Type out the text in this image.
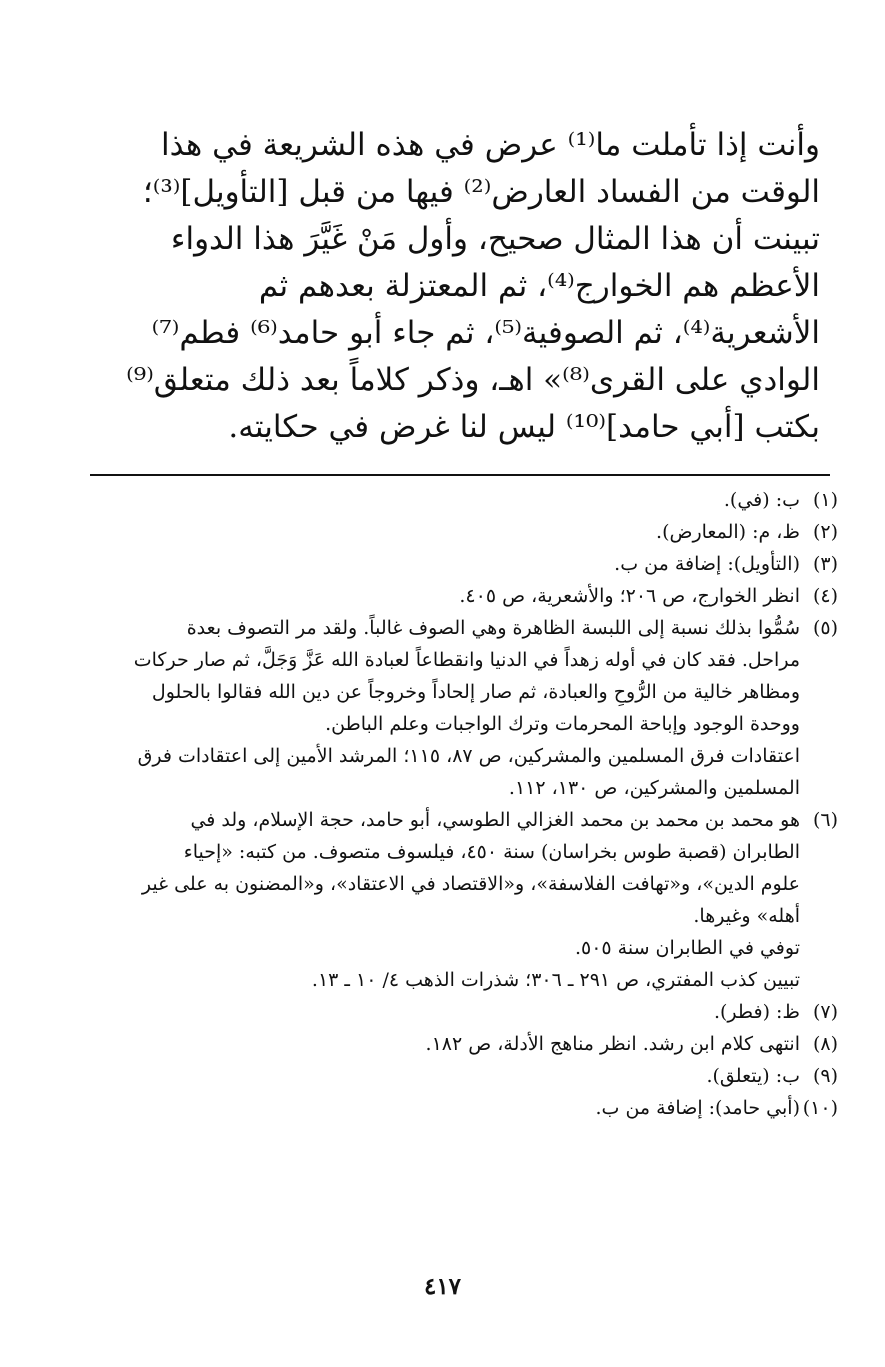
وأنت إذا تأملت ما⁽¹⁾ عرض في هذه الشريعة في هذا
الوقت من الفساد العارض⁽²⁾ فيها من قبل [التأويل]⁽³⁾؛
تبينت أن هذا المثال صحيح، وأول مَنْ غَيَّرَ هذا الدواء
الأعظم هم الخوارج⁽⁴⁾، ثم المعتزلة بعدهم ثم
الأشعرية⁽⁴⁾، ثم الصوفية⁽⁵⁾، ثم جاء أبو حامد⁽⁶⁾ فطم⁽⁷⁾
الوادي على القرى⁽⁸⁾» اهـ، وذكر كلاماً بعد ذلك متعلق⁽⁹⁾
بكتب [أبي حامد]⁽¹⁰⁾ ليس لنا غرض في حكايته.
(١)
ب: (في).
(٢)
ظ، م: (المعارض).
(٣)
(التأويل): إضافة من ب.
(٤)
انظر الخوارج، ص ٢٠٦؛ والأشعرية، ص ٤٠٥.
(٥)
سُمُّوا بذلك نسبة إلى اللبسة الظاهرة وهي الصوف غالباً. ولقد مر التصوف بعدة
مراحل. فقد كان في أوله زهداً في الدنيا وانقطاعاً لعبادة الله عَزَّ وَجَلَّ، ثم صار حركات
ومظاهر خالية من الرُّوحِ والعبادة، ثم صار إلحاداً وخروجاً عن دين الله فقالوا بالحلول
ووحدة الوجود وإباحة المحرمات وترك الواجبات وعلم الباطن.
اعتقادات فرق المسلمين والمشركين، ص ٨٧، ١١٥؛ المرشد الأمين إلى اعتقادات فرق
المسلمين والمشركين، ص ١٣٠، ١١٢.
(٦)
هو محمد بن محمد بن محمد الغزالي الطوسي، أبو حامد، حجة الإسلام، ولد في
الطابران (قصبة طوس بخراسان) سنة ٤٥٠، فيلسوف متصوف. من كتبه: «إحياء
علوم الدين»، و«تهافت الفلاسفة»، و«الاقتصاد في الاعتقاد»، و«المضنون به على غير
أهله» وغيرها.
توفي في الطابران سنة ٥٠٥.
تبيين كذب المفتري، ص ٢٩١ ـ ٣٠٦؛ شذرات الذهب ٤/ ١٠ ـ ١٣.
(٧)
ظ: (فطر).
(٨)
انتهى كلام ابن رشد. انظر مناهج الأدلة، ص ١٨٢.
(٩)
ب: (يتعلق).
(١٠)
(أبي حامد): إضافة من ب.
٤١٧
